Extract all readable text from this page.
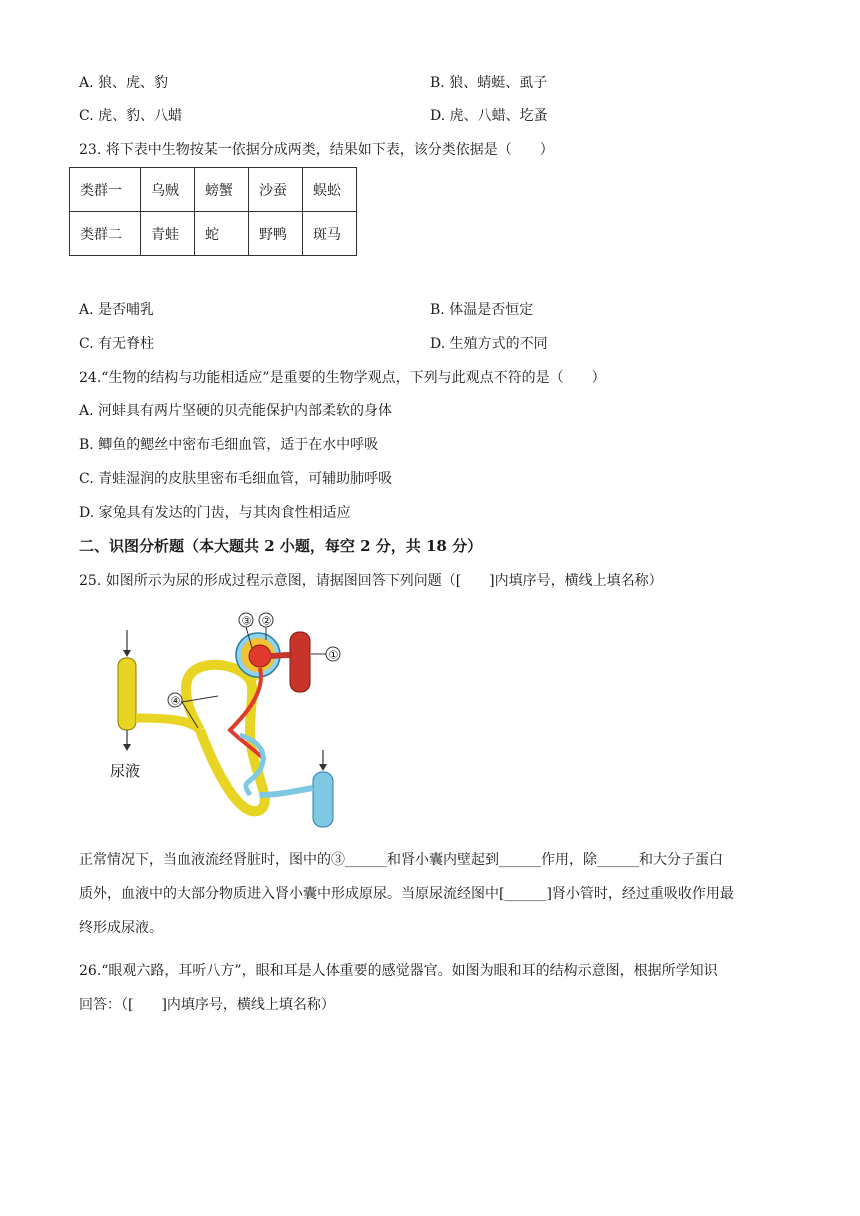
A. 狼、虎、豹	B. 狼、蜻蜓、虱子
C. 虎、豹、八蜡	D. 虎、八蜡、圪蚤
23. 将下表中生物按某一依据分成两类，结果如下表，该分类依据是（　　）
类群一	乌贼	螃蟹	沙蚕	蜈蚣
类群二	青蛙	蛇	野鸭	斑马
A. 是否哺乳	B. 体温是否恒定
C. 有无脊柱	D. 生殖方式的不同
24.“生物的结构与功能相适应”是重要的生物学观点，下列与此观点不符的是（　　）
A. 河蚌具有两片坚硬的贝壳能保护内部柔软的身体
B. 鲫鱼的鳃丝中密布毛细血管，适于在水中呼吸
C. 青蛙湿润的皮肤里密布毛细血管，可辅助肺呼吸
D. 家兔具有发达的门齿，与其肉食性相适应
二、识图分析题（本大题共 2 小题，每空 2 分，共 18 分）
25. 如图所示为尿的形成过程示意图，请据图回答下列问题（[　　]内填序号，横线上填名称）
尿液
①
③ ②
④
正常情况下，当血液流经肾脏时，图中的③______和肾小囊内壁起到______作用，除______和大分子蛋白
质外，血液中的大部分物质进入肾小囊中形成原尿。当原尿流经图中[______]肾小管时，经过重吸收作用最
终形成尿液。
26.“眼观六路，耳听八方”，眼和耳是人体重要的感觉器官。如图为眼和耳的结构示意图，根据所学知识
回答：（[　　]内填序号，横线上填名称）
